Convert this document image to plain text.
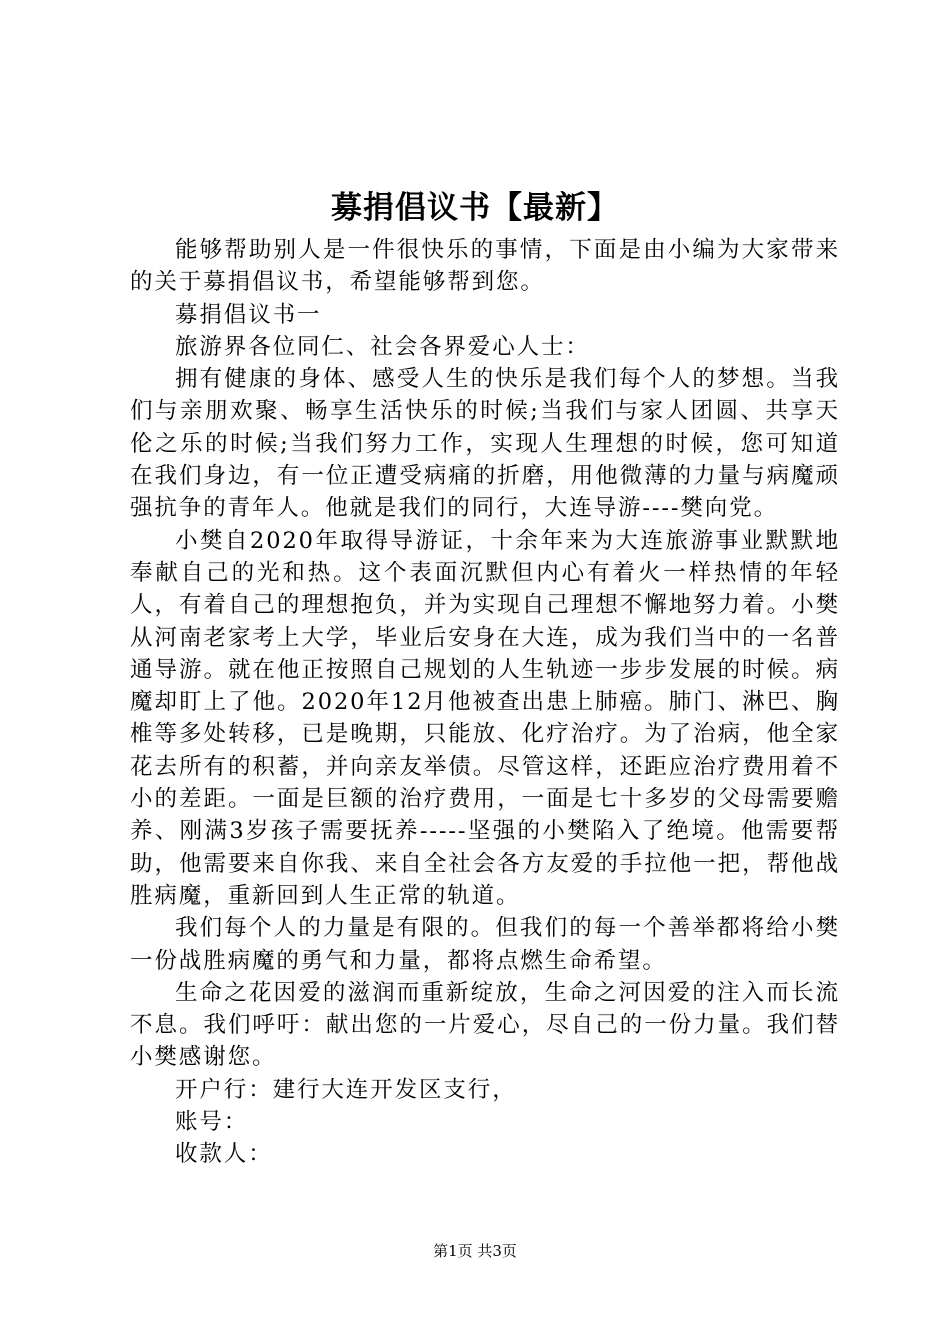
募捐倡议书【最新】

能够帮助别人是一件很快乐的事情，下面是由小编为大家带来的关于募捐倡议书，希望能够帮到您。

募捐倡议书一

旅游界各位同仁、社会各界爱心人士：

拥有健康的身体、感受人生的快乐是我们每个人的梦想。当我们与亲朋欢聚、畅享生活快乐的时候;当我们与家人团圆、共享天伦之乐的时候;当我们努力工作，实现人生理想的时候，您可知道在我们身边，有一位正遭受病痛的折磨，用他微薄的力量与病魔顽强抗争的青年人。他就是我们的同行，大连导游----樊向党。

小樊自2020年取得导游证，十余年来为大连旅游事业默默地奉献自己的光和热。这个表面沉默但内心有着火一样热情的年轻人，有着自己的理想抱负，并为实现自己理想不懈地努力着。小樊从河南老家考上大学，毕业后安身在大连，成为我们当中的一名普通导游。就在他正按照自己规划的人生轨迹一步步发展的时候。病魔却盯上了他。2020年12月他被查出患上肺癌。肺门、淋巴、胸椎等多处转移，已是晚期，只能放、化疗治疗。为了治病，他全家花去所有的积蓄，并向亲友举债。尽管这样，还距应治疗费用着不小的差距。一面是巨额的治疗费用，一面是七十多岁的父母需要赡养、刚满3岁孩子需要抚养-----坚强的小樊陷入了绝境。他需要帮助，他需要来自你我、来自全社会各方友爱的手拉他一把，帮他战胜病魔，重新回到人生正常的轨道。

我们每个人的力量是有限的。但我们的每一个善举都将给小樊一份战胜病魔的勇气和力量，都将点燃生命希望。

生命之花因爱的滋润而重新绽放，生命之河因爱的注入而长流不息。我们呼吁：献出您的一片爱心，尽自己的一份力量。我们替小樊感谢您。

开户行：建行大连开发区支行，

账号：

收款人：

第1页 共3页
